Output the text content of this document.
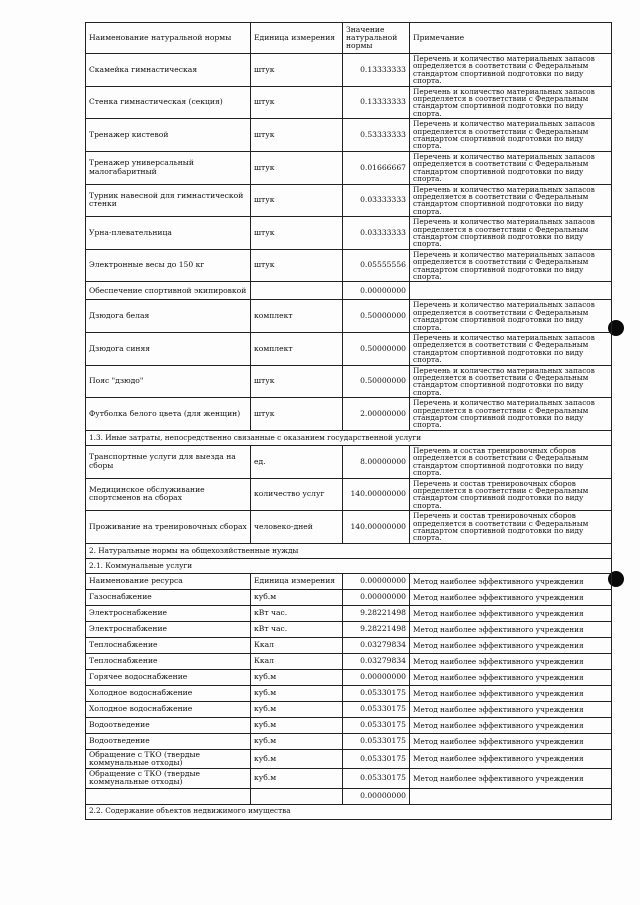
Наименование натуральной нормы	Единица измерения	Значение натуральной нормы	Примечание
Скамейка гимнастическая	штук	0.13333333	Перечень и количество материальных запасов определяется в соответствии с Федеральным стандартом спортивной подготовки по виду спорта.
Стенка гимнастическая (секция)	штук	0.13333333	Перечень и количество материальных запасов определяется в соответствии с Федеральным стандартом спортивной подготовки по виду спорта.
Тренажер кистевой	штук	0.53333333	Перечень и количество материальных запасов определяется в соответствии с Федеральным стандартом спортивной подготовки по виду спорта.
Тренажер универсальный малогабаритный	штук	0.01666667	Перечень и количество материальных запасов определяется в соответствии с Федеральным стандартом спортивной подготовки по виду спорта.
Турник навесной для гимнастической стенки	штук	0.03333333	Перечень и количество материальных запасов определяется в соответствии с Федеральным стандартом спортивной подготовки по виду спорта.
Урна-плевательница	штук	0.03333333	Перечень и количество материальных запасов определяется в соответствии с Федеральным стандартом спортивной подготовки по виду спорта.
Электронные весы до 150 кг	штук	0.05555556	Перечень и количество материальных запасов определяется в соответствии с Федеральным стандартом спортивной подготовки по виду спорта.
Обеспечение спортивной экипировкой		0.00000000	
Дзюдога белая	комплект	0.50000000	Перечень и количество материальных запасов определяется в соответствии с Федеральным стандартом спортивной подготовки по виду спорта.
Дзюдога синяя	комплект	0.50000000	Перечень и количество материальных запасов определяется в соответствии с Федеральным стандартом спортивной подготовки по виду спорта.
Пояс "дзюдо"	штук	0.50000000	Перечень и количество материальных запасов определяется в соответствии с Федеральным стандартом спортивной подготовки по виду спорта.
Футболка белого цвета (для женщин)	штук	2.00000000	Перечень и количество материальных запасов определяется в соответствии с Федеральным стандартом спортивной подготовки по виду спорта.
1.3. Иные затраты, непосредственно связанные с оказанием государственной услуги			
Транспортные услуги для выезда на сборы	ед.	8.00000000	Перечень и состав тренировочных сборов определяется в соответствии с Федеральным стандартом спортивной подготовки по виду спорта.
Медицинское обслуживание спортсменов на сборах	количество услуг	140.00000000	Перечень и состав тренировочных сборов определяется в соответствии с Федеральным стандартом спортивной подготовки по виду спорта.
Проживание на тренировочных сборах	человеко-дней	140.00000000	Перечень и состав тренировочных сборов определяется в соответствии с Федеральным стандартом спортивной подготовки по виду спорта.
2. Натуральные нормы на общехозяйственные нужды			
2.1. Коммунальные услуги			
Наименование ресурса	Единица измерения	0.00000000	Метод наиболее эффективного учреждения
Газоснабжение	куб.м	0.00000000	Метод наиболее эффективного учреждения
Электроснабжение	кВт час.	9.28221498	Метод наиболее эффективного учреждения
Электроснабжение	кВт час.	9.28221498	Метод наиболее эффективного учреждения
Теплоснабжение	Ккал	0.03279834	Метод наиболее эффективного учреждения
Теплоснабжение	Ккал	0.03279834	Метод наиболее эффективного учреждения
Горячее водоснабжение	куб.м	0.00000000	Метод наиболее эффективного учреждения
Холодное водоснабжение	куб.м	0.05330175	Метод наиболее эффективного учреждения
Холодное водоснабжение	куб.м	0.05330175	Метод наиболее эффективного учреждения
Водоотведение	куб.м	0.05330175	Метод наиболее эффективного учреждения
Водоотведение	куб.м	0.05330175	Метод наиболее эффективного учреждения
Обращение с ТКО (твердые коммунальные отходы)	куб.м	0.05330175	Метод наиболее эффективного учреждения
Обращение с ТКО (твердые коммунальные отходы)	куб.м	0.05330175	Метод наиболее эффективного учреждения
		0.00000000	
2.2. Содержание объектов недвижимого имущества			
